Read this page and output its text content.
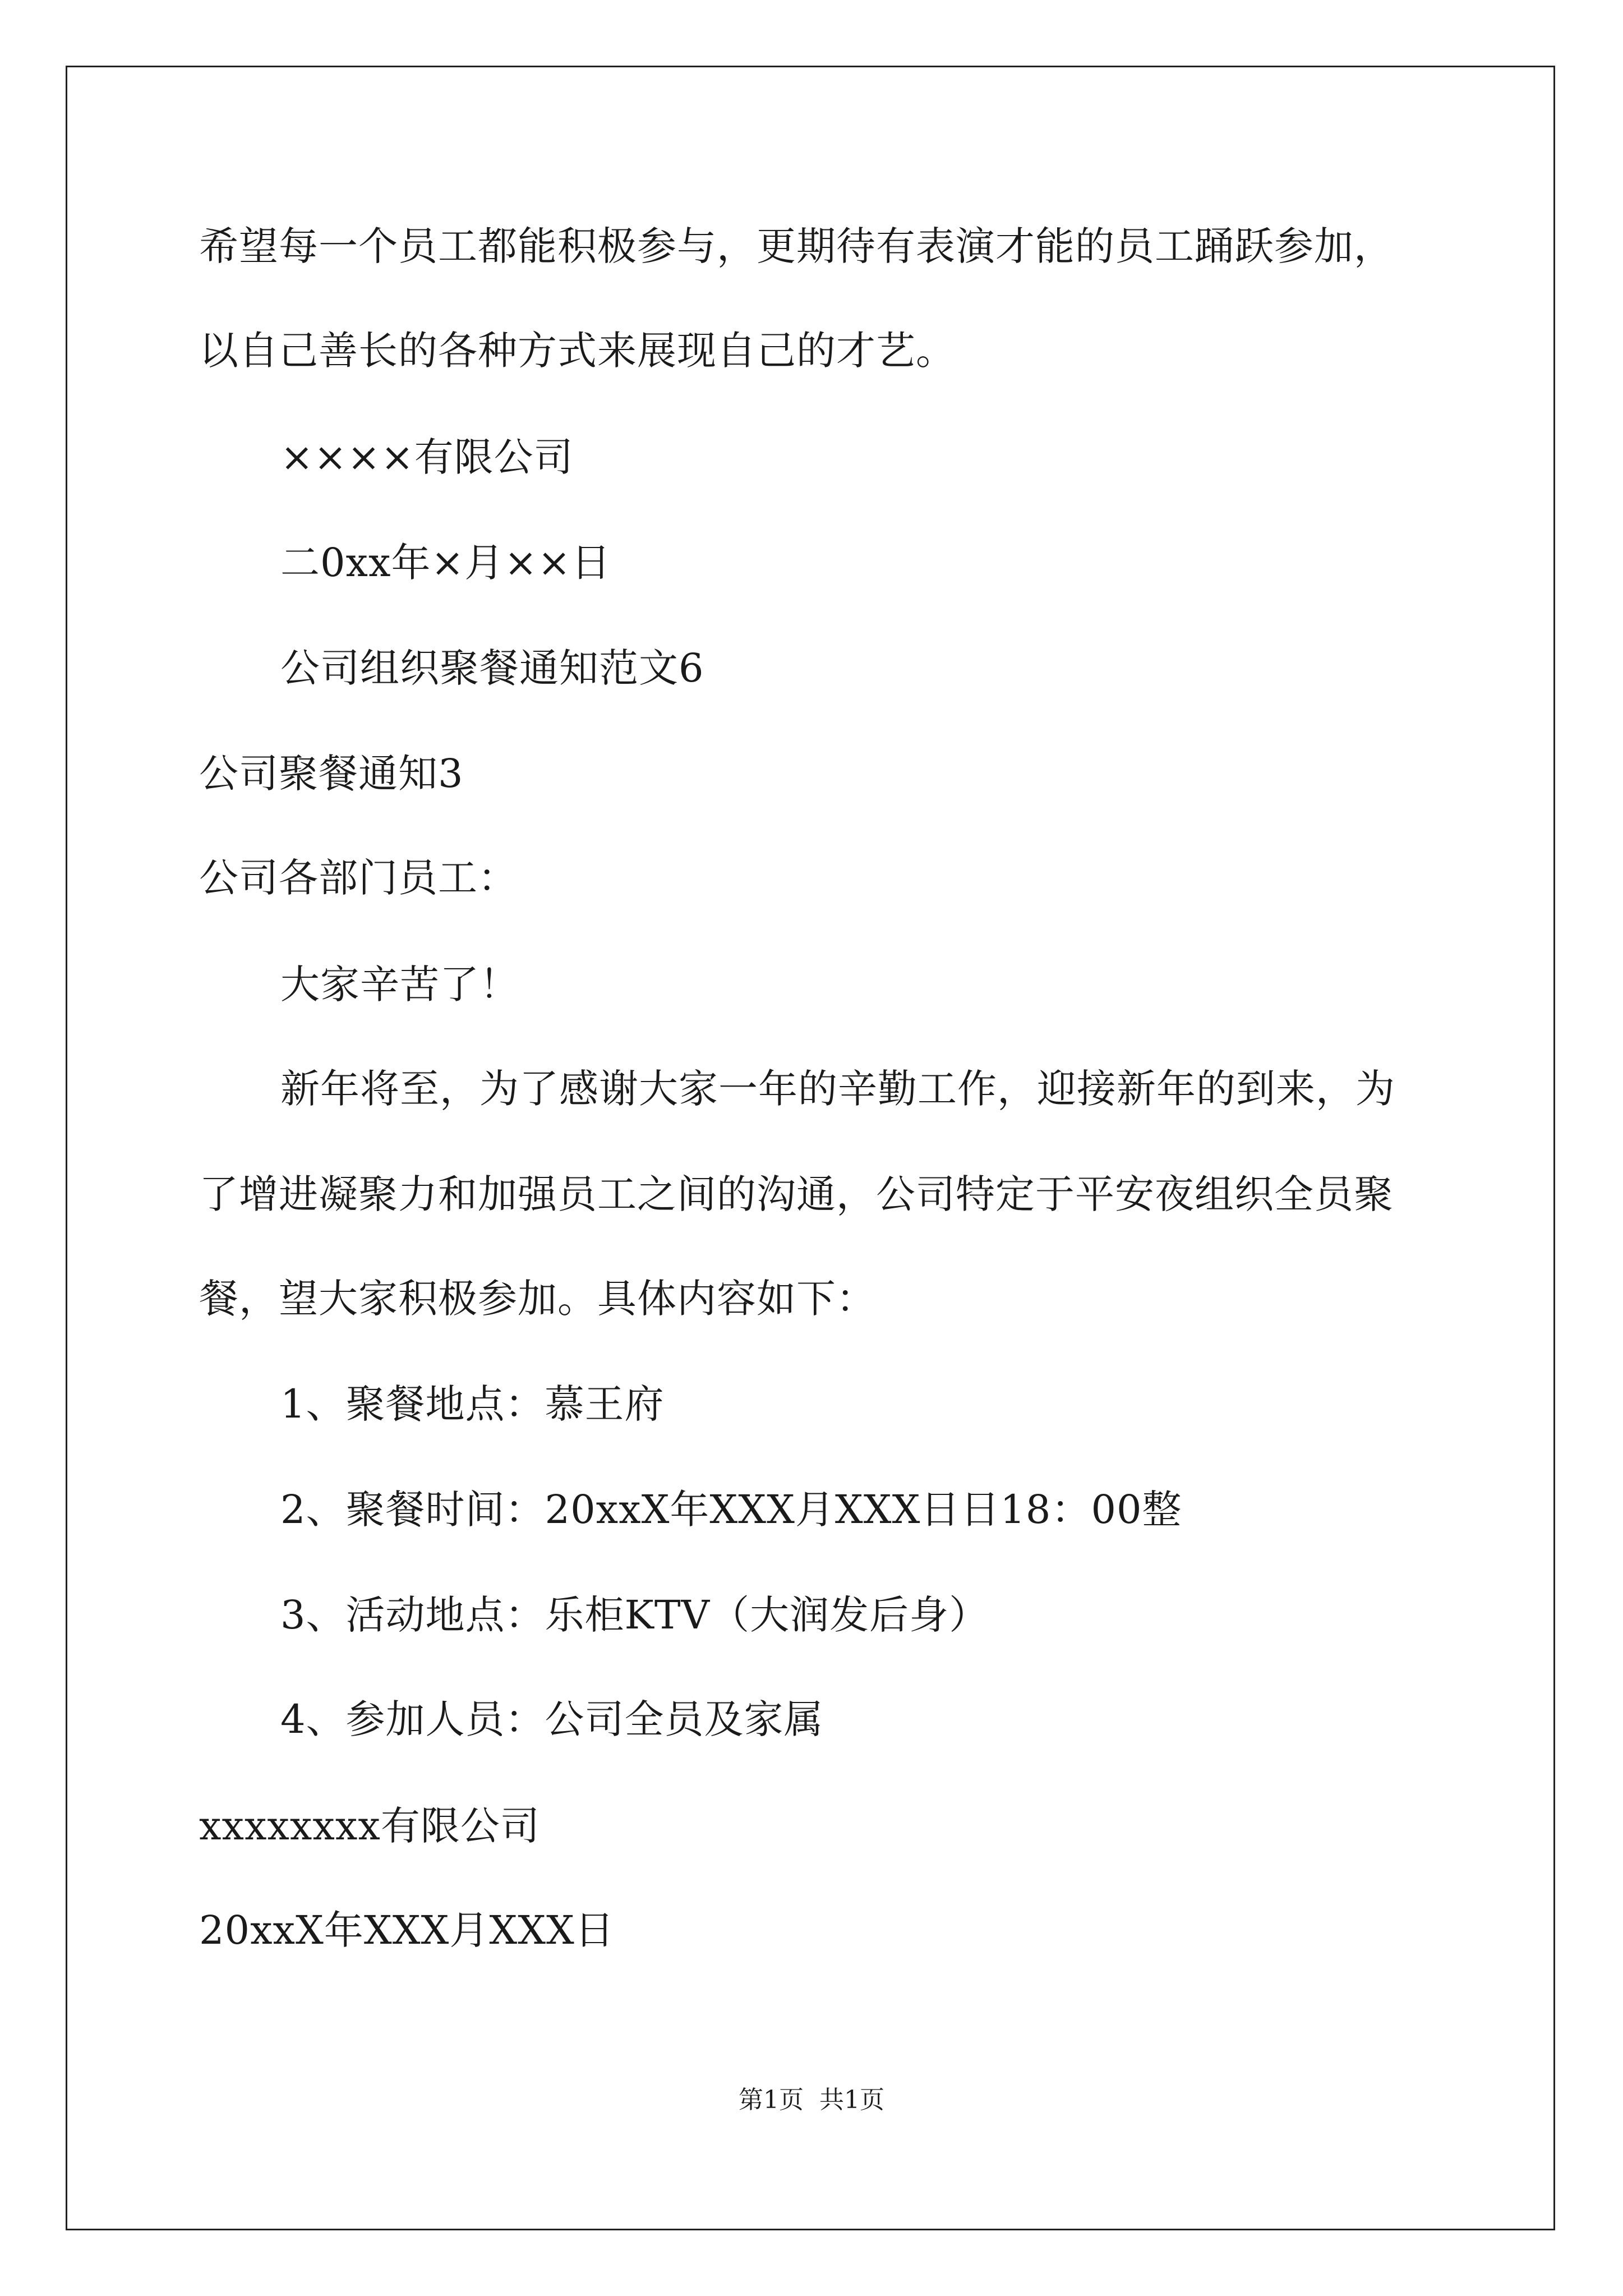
希望每一个员工都能积极参与，更期待有表演才能的员工踊跃参加，
以自己善长的各种方式来展现自己的才艺。
××××有限公司
二0xx年×月××日
公司组织聚餐通知范文6
公司聚餐通知3
公司各部门员工：
大家辛苦了！
新年将至，为了感谢大家一年的辛勤工作，迎接新年的到来，为
了增进凝聚力和加强员工之间的沟通，公司特定于平安夜组织全员聚
餐，望大家积极参加。具体内容如下：
1、聚餐地点：慕王府
2、聚餐时间：20xxX年XXX月XXX日日18：00整
3、活动地点：乐柜KTV（大润发后身）
4、参加人员：公司全员及家属
xxxxxxxx有限公司
20xxX年XXX月XXX日
第1页  共1页
